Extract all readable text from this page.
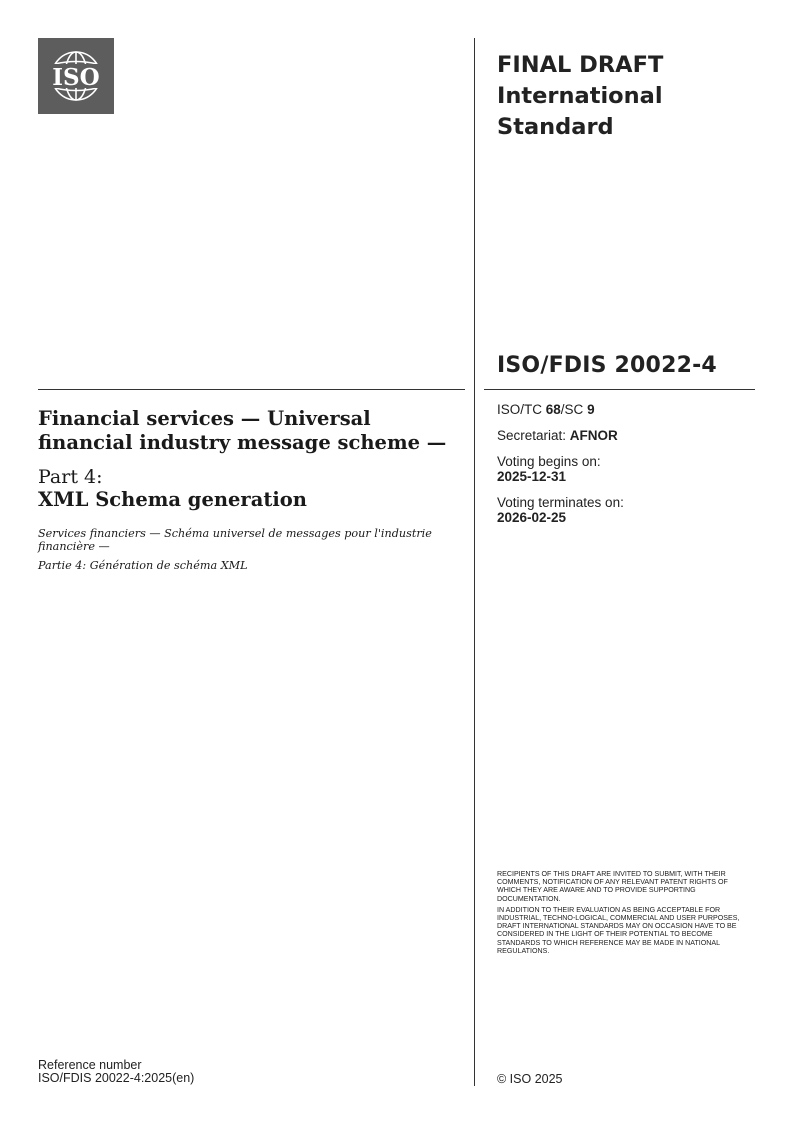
ISO	FINAL DRAFT
International
Standard
ISO/FDIS 20022-4

ISO/TC 68/SC 9

Secretariat: AFNOR

Voting begins on:
2025-12-31

Voting terminates on:
2026-02-25

Financial services — Universal financial industry message scheme —

Part 4:

XML Schema generation

Services financiers — Schéma universel de messages pour l'industrie financière —

Partie 4: Génération de schéma XML

RECIPIENTS OF THIS DRAFT ARE INVITED TO SUBMIT, WITH THEIR COMMENTS, NOTIFICATION OF ANY RELEVANT PATENT RIGHTS OF WHICH THEY ARE AWARE AND TO PROVIDE SUPPORTING DOCUMENTATION.

IN ADDITION TO THEIR EVALUATION AS BEING ACCEPTABLE FOR INDUSTRIAL, TECHNO-LOGICAL, COMMERCIAL AND USER PURPOSES, DRAFT INTERNATIONAL STANDARDS MAY ON OCCASION HAVE TO BE CONSIDERED IN THE LIGHT OF THEIR POTENTIAL TO BECOME STANDARDS TO WHICH REFERENCE MAY BE MADE IN NATIONAL REGULATIONS.

Reference number
ISO/FDIS 20022-4:2025(en)	© ISO 2025
